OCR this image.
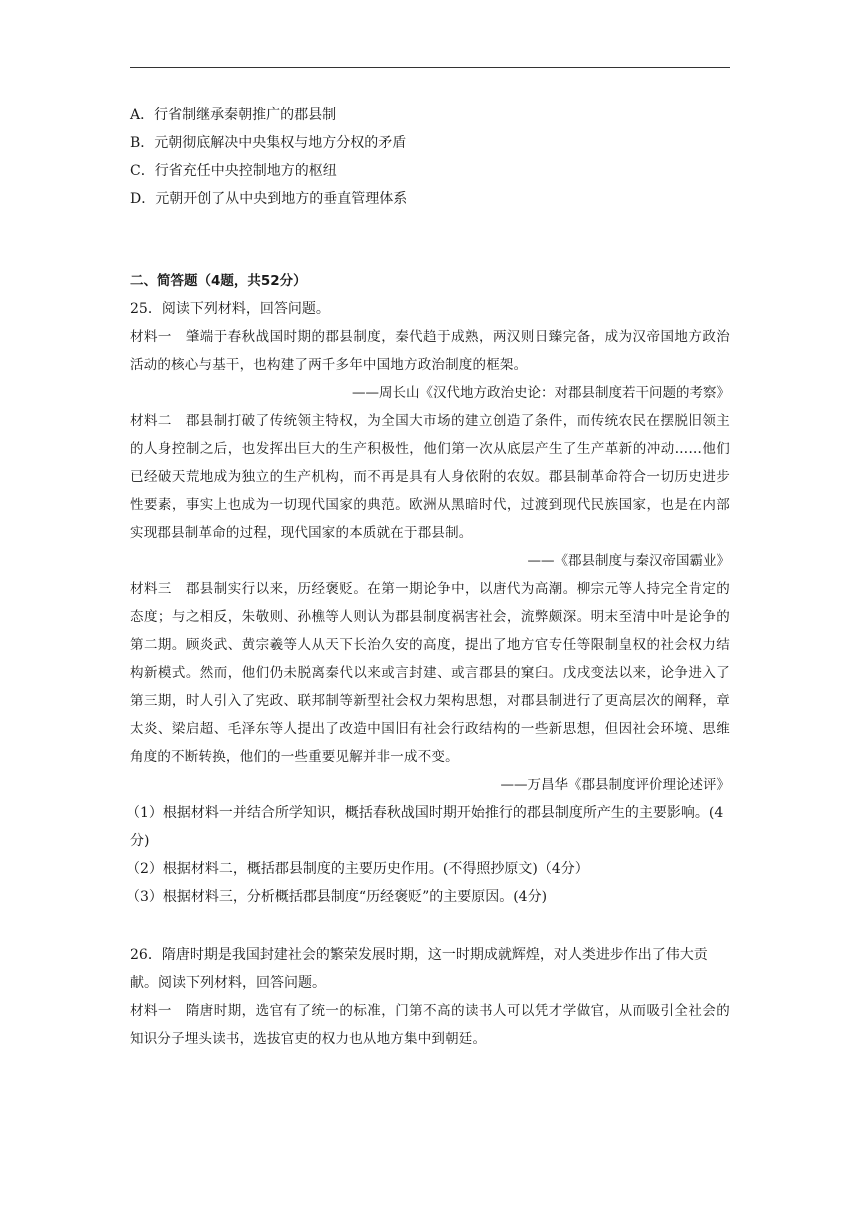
A．行省制继承秦朝推广的郡县制

B．元朝彻底解决中央集权与地方分权的矛盾

C．行省充任中央控制地方的枢纽

D．元朝开创了从中央到地方的垂直管理体系

二、简答题（4题，共52分）

25．阅读下列材料，回答问题。

材料一　肇端于春秋战国时期的郡县制度，秦代趋于成熟，两汉则日臻完备，成为汉帝国地方政治活动的核心与基干，也构建了两千多年中国地方政治制度的框架。

——周长山《汉代地方政治史论：对郡县制度若干问题的考察》

材料二　郡县制打破了传统领主特权，为全国大市场的建立创造了条件，而传统农民在摆脱旧领主的人身控制之后，也发挥出巨大的生产积极性，他们第一次从底层产生了生产革新的冲动……他们已经破天荒地成为独立的生产机构，而不再是具有人身依附的农奴。郡县制革命符合一切历史进步性要素，事实上也成为一切现代国家的典范。欧洲从黑暗时代，过渡到现代民族国家，也是在内部实现郡县制革命的过程，现代国家的本质就在于郡县制。

——《郡县制度与秦汉帝国霸业》

材料三　郡县制实行以来，历经褒贬。在第一期论争中，以唐代为高潮。柳宗元等人持完全肯定的态度；与之相反，朱敬则、孙樵等人则认为郡县制度祸害社会，流弊颇深。明末至清中叶是论争的第二期。顾炎武、黄宗羲等人从天下长治久安的高度，提出了地方官专任等限制皇权的社会权力结构新模式。然而，他们仍未脱离秦代以来或言封建、或言郡县的窠臼。戊戌变法以来，论争进入了第三期，时人引入了宪政、联邦制等新型社会权力架构思想，对郡县制进行了更高层次的阐释，章太炎、梁启超、毛泽东等人提出了改造中国旧有社会行政结构的一些新思想，但因社会环境、思维角度的不断转换，他们的一些重要见解并非一成不变。

——万昌华《郡县制度评价理论述评》

（1）根据材料一并结合所学知识，概括春秋战国时期开始推行的郡县制度所产生的主要影响。(4分)

（2）根据材料二，概括郡县制度的主要历史作用。(不得照抄原文)（4分）

（3）根据材料三，分析概括郡县制度“历经褒贬”的主要原因。(4分)

26．隋唐时期是我国封建社会的繁荣发展时期，这一时期成就辉煌，对人类进步作出了伟大贡献。阅读下列材料，回答问题。

材料一　隋唐时期，选官有了统一的标准，门第不高的读书人可以凭才学做官，从而吸引全社会的知识分子埋头读书，选拔官吏的权力也从地方集中到朝廷。
